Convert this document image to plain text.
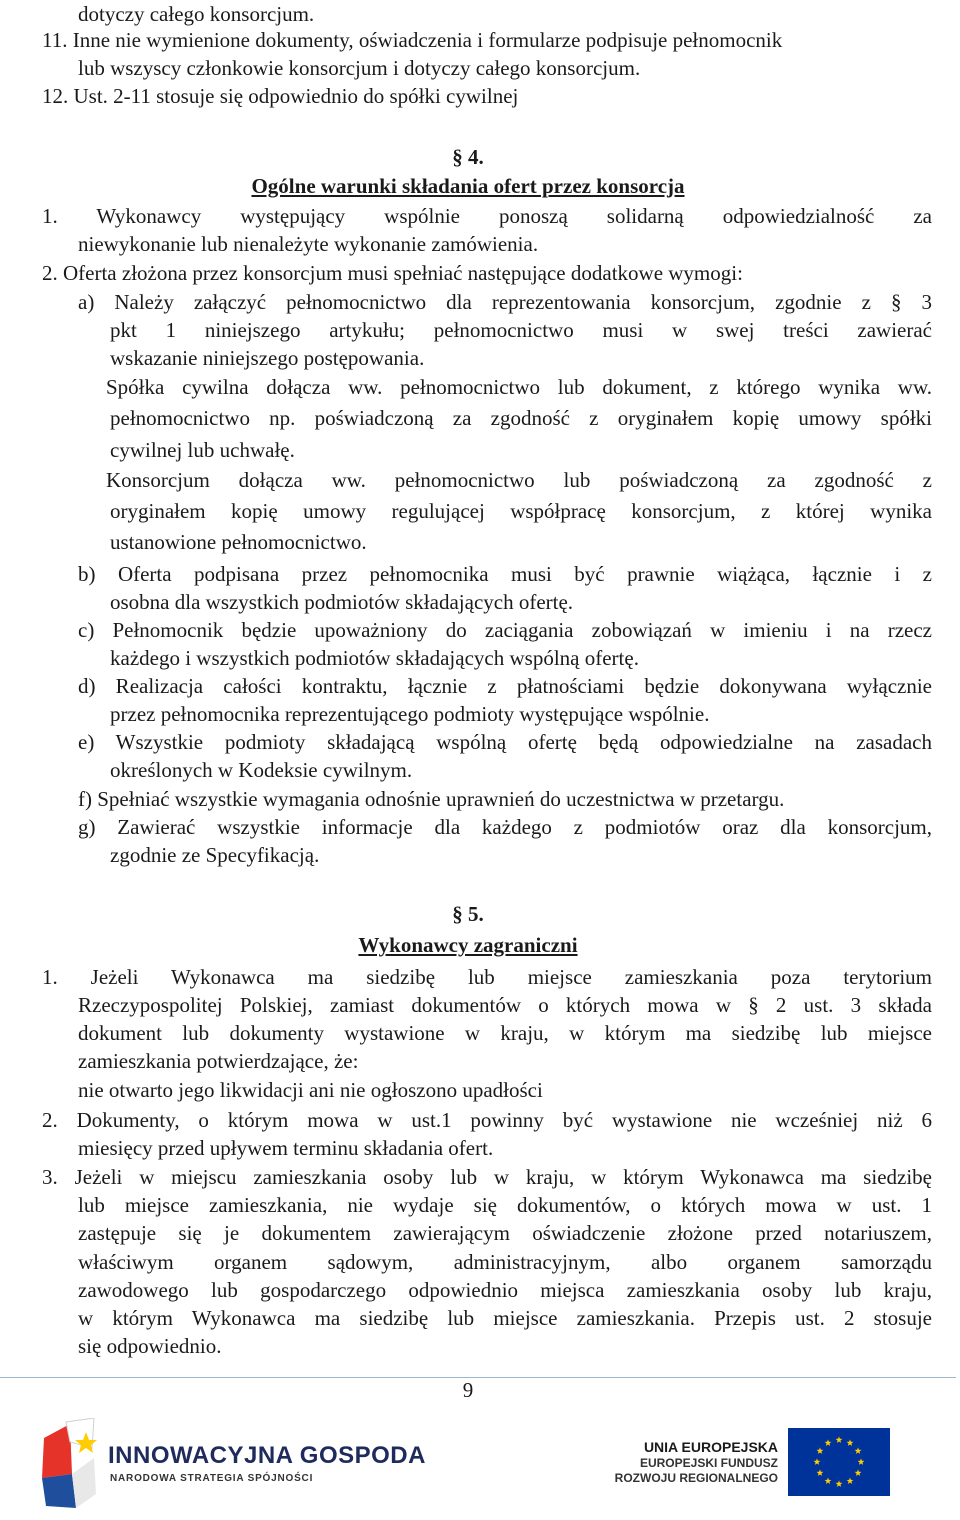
dotyczy całego konsorcjum.
11. Inne nie wymienione dokumenty, oświadczenia i formularze podpisuje pełnomocnik
lub wszyscy członkowie konsorcjum i dotyczy całego konsorcjum.
12. Ust. 2-11 stosuje się odpowiednio do spółki cywilnej
§ 4.
Ogólne warunki składania ofert przez konsorcja
1. Wykonawcy występujący wspólnie ponoszą solidarną odpowiedzialność za
niewykonanie lub nienależyte wykonanie zamówienia.
2. Oferta złożona przez konsorcjum musi spełniać następujące dodatkowe wymogi:
a) Należy załączyć pełnomocnictwo dla reprezentowania konsorcjum, zgodnie z § 3
pkt 1 niniejszego artykułu; pełnomocnictwo musi w swej treści zawierać
wskazanie niniejszego postępowania.
Spółka cywilna dołącza ww. pełnomocnictwo lub dokument, z którego wynika ww.
pełnomocnictwo np. poświadczoną za zgodność z oryginałem kopię umowy spółki
cywilnej lub uchwałę.
Konsorcjum dołącza ww. pełnomocnictwo lub poświadczoną za zgodność z
oryginałem kopię umowy regulującej współpracę konsorcjum, z której wynika
ustanowione pełnomocnictwo.
b) Oferta podpisana przez pełnomocnika musi być prawnie wiążąca, łącznie i z
osobna dla wszystkich podmiotów składających ofertę.
c) Pełnomocnik będzie upoważniony do zaciągania zobowiązań w imieniu i na rzecz
każdego i wszystkich podmiotów składających wspólną ofertę.
d) Realizacja całości kontraktu, łącznie z płatnościami będzie dokonywana wyłącznie
przez pełnomocnika reprezentującego podmioty występujące wspólnie.
e) Wszystkie podmioty składającą wspólną ofertę będą odpowiedzialne na zasadach
określonych w Kodeksie cywilnym.
f) Spełniać wszystkie wymagania odnośnie uprawnień do uczestnictwa w przetargu.
g) Zawierać wszystkie informacje dla każdego z podmiotów oraz dla konsorcjum,
zgodnie ze Specyfikacją.
§ 5.
Wykonawcy zagraniczni
1. Jeżeli Wykonawca ma siedzibę lub miejsce zamieszkania poza terytorium
Rzeczypospolitej Polskiej, zamiast dokumentów o których mowa w § 2 ust. 3 składa
dokument lub dokumenty wystawione w kraju, w którym ma siedzibę lub miejsce
zamieszkania potwierdzające, że:
nie otwarto jego likwidacji ani nie ogłoszono upadłości
2. Dokumenty, o którym mowa w ust.1 powinny być wystawione nie wcześniej niż 6
miesięcy przed upływem terminu składania ofert.
3. Jeżeli w miejscu zamieszkania osoby lub w kraju, w którym Wykonawca ma siedzibę
lub miejsce zamieszkania, nie wydaje się dokumentów, o których mowa w ust. 1
zastępuje się je dokumentem zawierającym oświadczenie złożone przed notariuszem,
właściwym organem sądowym, administracyjnym, albo organem samorządu
zawodowego lub gospodarczego odpowiednio miejsca zamieszkania osoby lub kraju,
w którym Wykonawca ma siedzibę lub miejsce zamieszkania. Przepis ust. 2 stosuje
się odpowiednio.
9
INNOWACYJNA GOSPODA
NARODOWA STRATEGIA SPÓJNOŚCI
UNIA EUROPEJSKA
EUROPEJSKI FUNDUSZ
ROZWOJU REGIONALNEGO
